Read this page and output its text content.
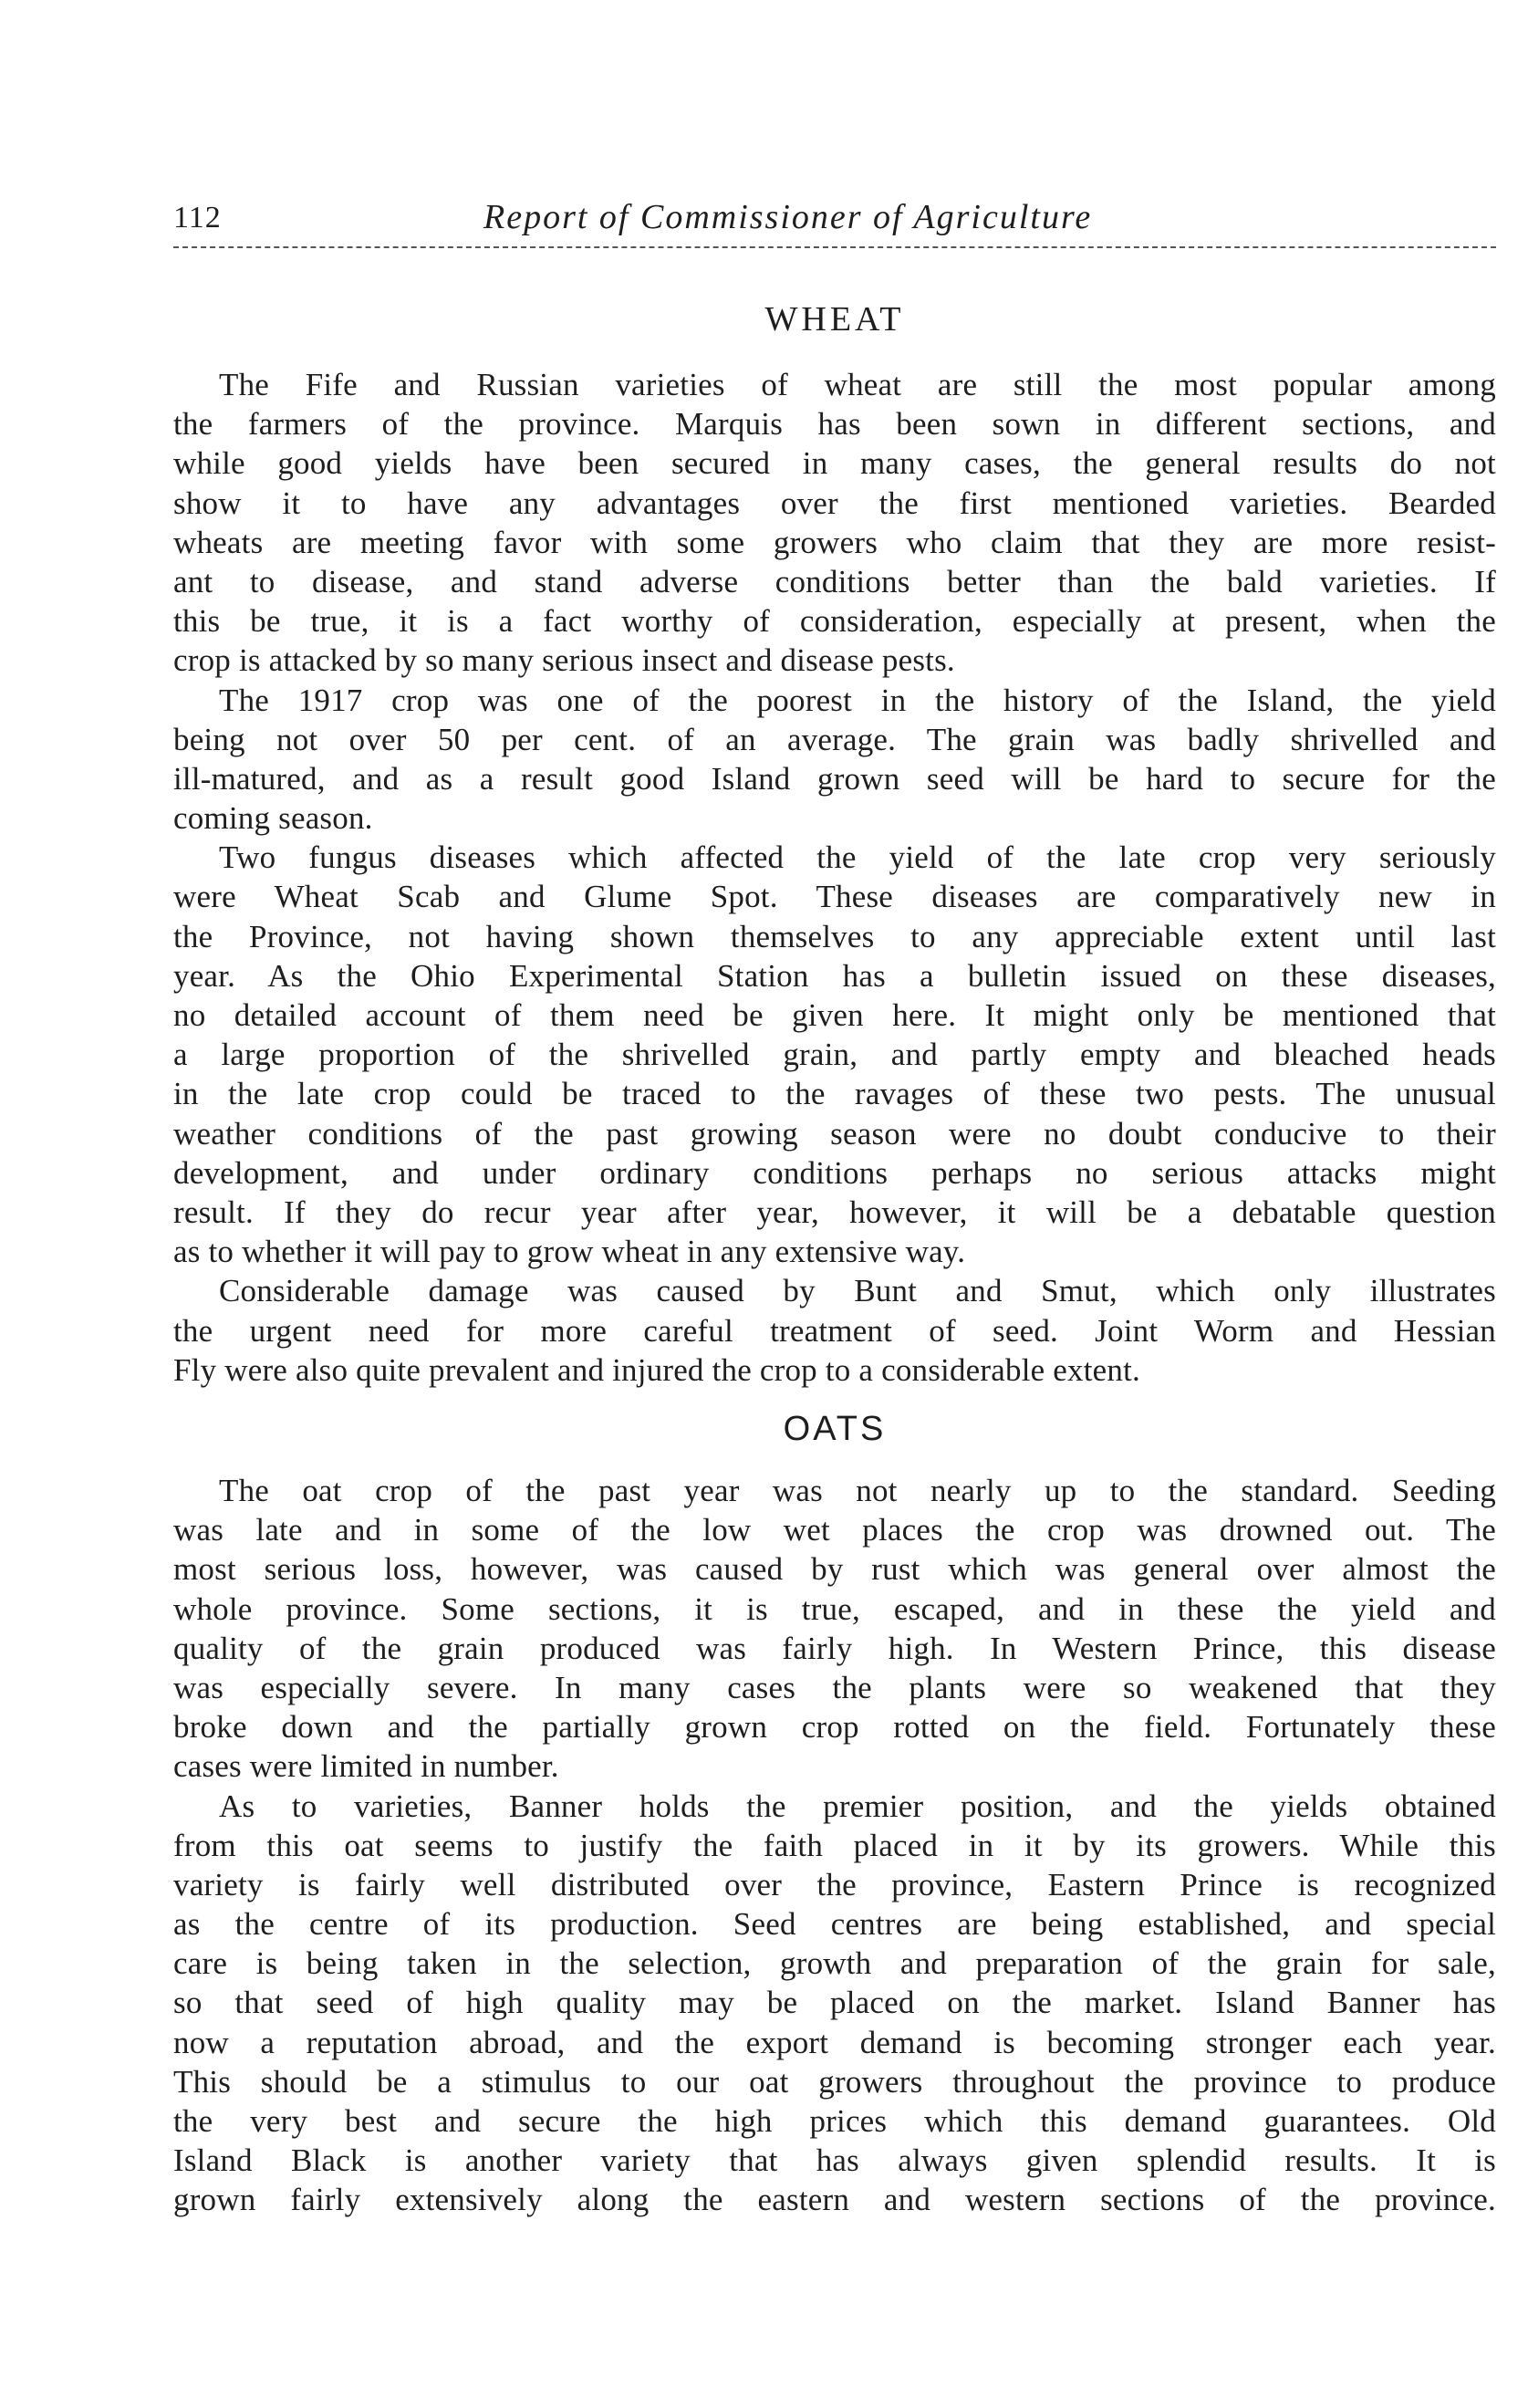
112	Report of Commissioner of Agriculture
WHEAT
The Fife and Russian varieties of wheat are still the most popular among
the farmers of the province. Marquis has been sown in different sections, and
while good yields have been secured in many cases, the general results do not
show it to have any advantages over the first mentioned varieties. Bearded
wheats are meeting favor with some growers who claim that they are more resist-
ant to disease, and stand adverse conditions better than the bald varieties. If
this be true, it is a fact worthy of consideration, especially at present, when the
crop is attacked by so many serious insect and disease pests.
The 1917 crop was one of the poorest in the history of the Island, the yield
being not over 50 per cent. of an average. The grain was badly shrivelled and
ill-matured, and as a result good Island grown seed will be hard to secure for the
coming season.
Two fungus diseases which affected the yield of the late crop very seriously
were Wheat Scab and Glume Spot. These diseases are comparatively new in
the Province, not having shown themselves to any appreciable extent until last
year. As the Ohio Experimental Station has a bulletin issued on these diseases,
no detailed account of them need be given here. It might only be mentioned that
a large proportion of the shrivelled grain, and partly empty and bleached heads
in the late crop could be traced to the ravages of these two pests. The unusual
weather conditions of the past growing season were no doubt conducive to their
development, and under ordinary conditions perhaps no serious attacks might
result. If they do recur year after year, however, it will be a debatable question
as to whether it will pay to grow wheat in any extensive way.
Considerable damage was caused by Bunt and Smut, which only illustrates
the urgent need for more careful treatment of seed. Joint Worm and Hessian
Fly were also quite prevalent and injured the crop to a considerable extent.
OATS
The oat crop of the past year was not nearly up to the standard. Seeding
was late and in some of the low wet places the crop was drowned out. The
most serious loss, however, was caused by rust which was general over almost the
whole province. Some sections, it is true, escaped, and in these the yield and
quality of the grain produced was fairly high. In Western Prince, this disease
was especially severe. In many cases the plants were so weakened that they
broke down and the partially grown crop rotted on the field. Fortunately these
cases were limited in number.
As to varieties, Banner holds the premier position, and the yields obtained
from this oat seems to justify the faith placed in it by its growers. While this
variety is fairly well distributed over the province, Eastern Prince is recognized
as the centre of its production. Seed centres are being established, and special
care is being taken in the selection, growth and preparation of the grain for sale,
so that seed of high quality may be placed on the market. Island Banner has
now a reputation abroad, and the export demand is becoming stronger each year.
This should be a stimulus to our oat growers throughout the province to produce
the very best and secure the high prices which this demand guarantees. Old
Island Black is another variety that has always given splendid results. It is
grown fairly extensively along the eastern and western sections of the province.
